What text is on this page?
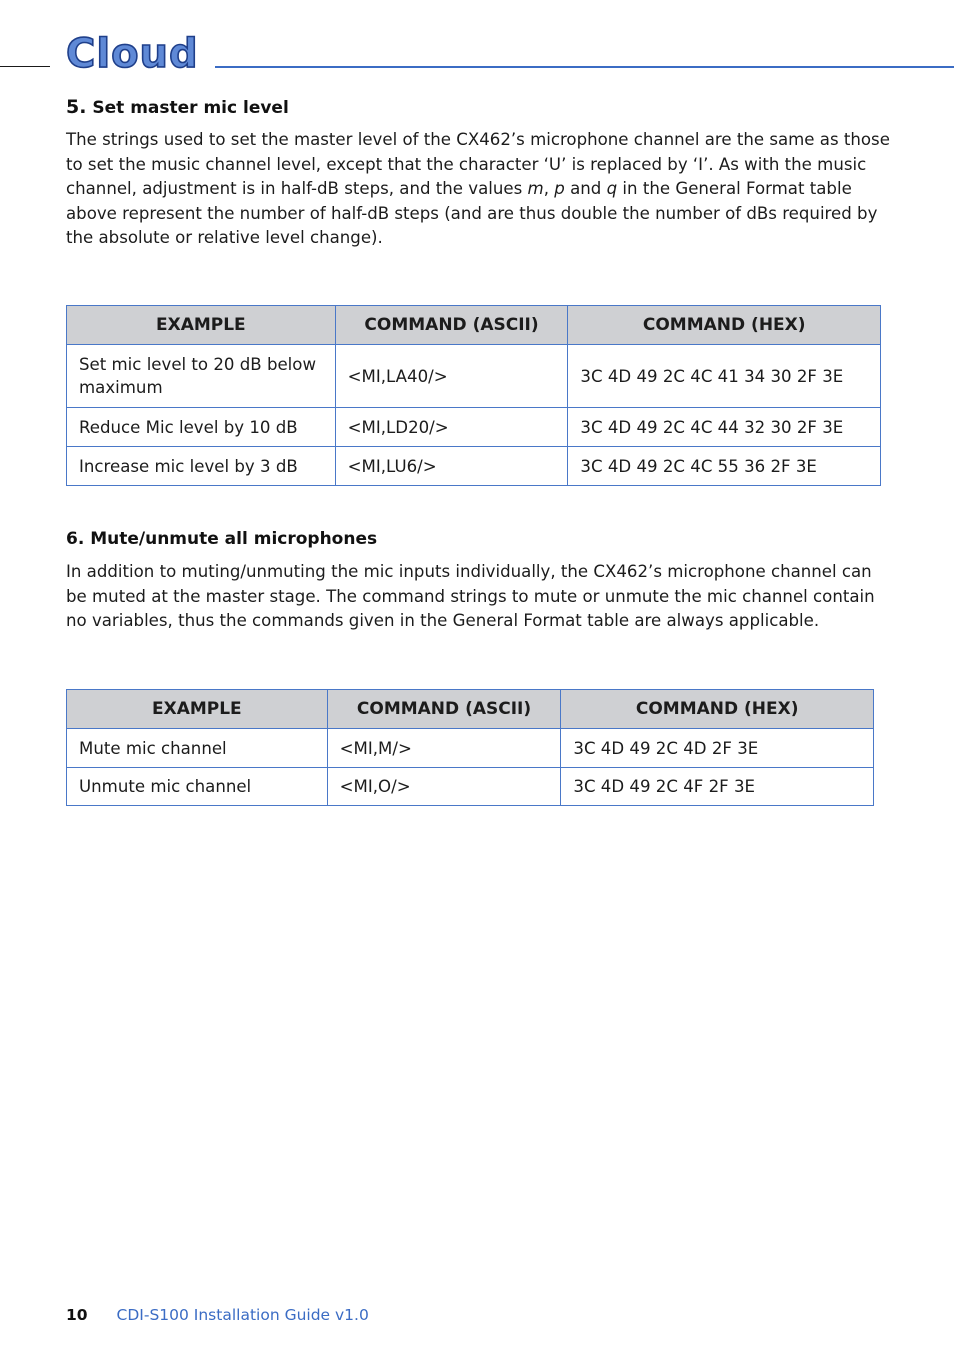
Cloud
5. Set master mic level
The strings used to set the master level of the CX462’s microphone channel are the same as those to set the music channel level, except that the character ‘U’ is replaced by ‘I’. As with the music channel, adjustment is in half-dB steps, and the values m, p and q in the General Format table above represent the number of half-dB steps (and are thus double the number of dBs required by the absolute or relative level change).
EXAMPLE	COMMAND (ASCII)	COMMAND (HEX)
Set mic level to 20 dB below maximum	<MI,LA40/>	3C 4D 49 2C 4C 41 34 30 2F 3E
Reduce Mic level by 10 dB	<MI,LD20/>	3C 4D 49 2C 4C 44 32 30 2F 3E
Increase mic level by 3 dB	<MI,LU6/>	3C 4D 49 2C 4C 55 36 2F 3E
6. Mute/unmute all microphones
In addition to muting/unmuting the mic inputs individually, the CX462’s microphone channel can be muted at the master stage. The command strings to mute or unmute the mic channel contain no variables, thus the commands given in the General Format table are always applicable.
EXAMPLE	COMMAND (ASCII)	COMMAND (HEX)
Mute mic channel	<MI,M/>	3C 4D 49 2C 4D 2F 3E
Unmute mic channel	<MI,O/>	3C 4D 49 2C 4F 2F 3E
10 CDI-S100 Installation Guide v1.0
